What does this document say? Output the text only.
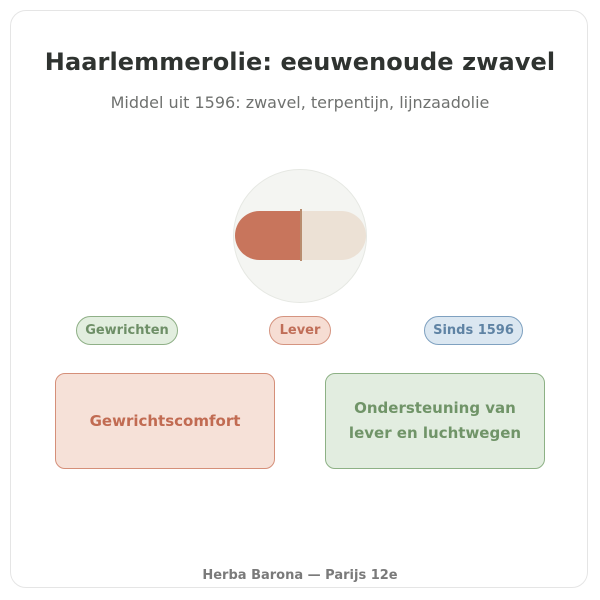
Haarlemmerolie: eeuwenoude zwavel
Middel uit 1596: zwavel, terpentijn, lijnzaadolie
Gewrichten	Lever	Sinds 1596
Gewrichtscomfort
Ondersteuning van lever en luchtwegen
Herba Barona — Parijs 12e
